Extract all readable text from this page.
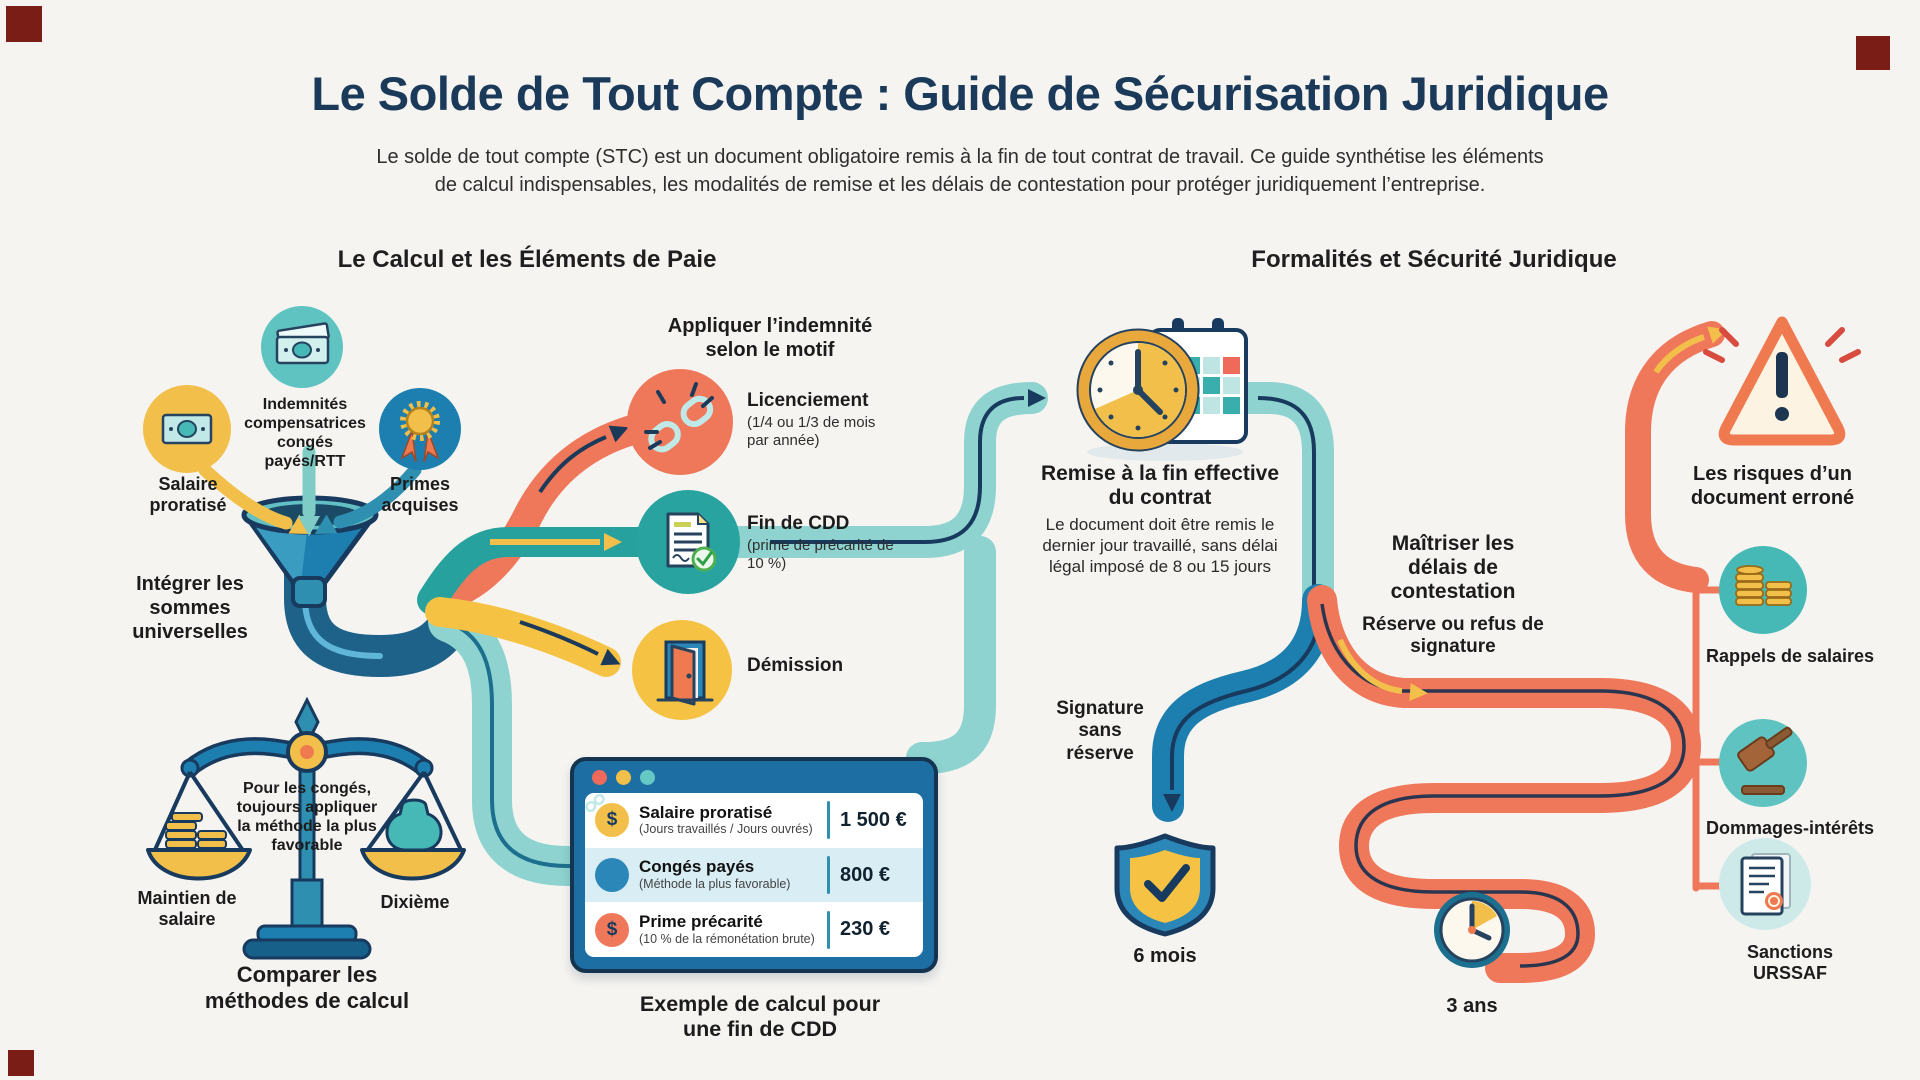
Le Solde de Tout Compte : Guide de Sécurisation Juridique
Le solde de tout compte (STC) est un document obligatoire remis à la fin de tout contrat de travail. Ce guide synthétise les éléments
de calcul indispensables, les modalités de remise et les délais de contestation pour protéger juridiquement l’entreprise.
Le Calcul et les Éléments de Paie	Formalités et Sécurité Juridique
Indemnités compensatrices congés payés/RTT
Salaire proratisé
Primes acquises
Intégrer les sommes universelles
Appliquer l’indemnité selon le motif
Licenciement
(1/4 ou 1/3 de mois par année)
Fin de CDD
(prime de précarité de 10 %)
Démission
Pour les congés, toujours appliquer la méthode la plus favorable
Maintien de salaire
Dixième
Comparer les méthodes de calcul
$	Salaire proratisé
(Jours travaillés / Jours ouvrés)	1 500 €
Congés payés
(Méthode la plus favorable)	800 €
$	Prime précarité
(10 % de la rémonétation brute)	230 €
Exemple de calcul pour une fin de CDD
Remise à la fin effective du contrat
Le document doit être remis le dernier jour travaillé, sans délai légal imposé de 8 ou 15 jours
Signature sans réserve
6 mois
Maîtriser les délais de contestation
Réserve ou refus de signature
3 ans
Les risques d’un document erroné
Rappels de salaires
Dommages-intérêts
Sanctions URSSAF
